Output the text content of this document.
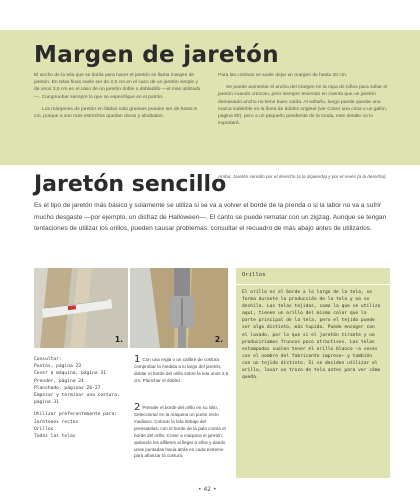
Margen de jaretón

El ancho de la tela que se dobla para hacer el jaretón se llama margen de jaretón. En telas finas suele ser de 2,5 cm en el caso de un jaretón simple y de unos 3,5 cm en el caso de un jaretón doble o dobladillo —el más utilizado—. Compruebar siempre lo que se especifique en el patrón.

Los márgenes de jaretón en faldas más gruesas pueden ser de hasta 8 cm, porque a son más estrechos quedan duros y abultados.

Para las cortinas se suele dejar un margen de hasta 20 cm.

Se puede aumentar el ancho del margen en la ropa de niños para soltar el jaretón cuando crezcan, pero siempre teniendo en cuenta que un jaretón demasiado ancho no tiene buen caída. Al soltarlo, luego puede quedar una marca indeleble en la línea de doblez original (ver Coser una cinta o un galón, página 90), pero a un pequeño pendiente de la moda, este detalle no lo importará.

Jaretón sencillo
Arriba: Jaretón sencillo por el derecho (a la izquierda) y por el revés (a la derecha).
Es el tipo de jaretón más básico y solamente se utiliza si se va a volver el borde de la prenda o si la labor no va a sufrir mucho desgaste —por ejemplo, un disfraz de Halloween—. El canto se puede rematar con un zigzag. Aunque se tengan tentaciones de utilizar los orillos, pueden causar problemas: consultar el recuadro de más abajo antes de utilizarlos.
1.	2.
Orillos
El orillo es el borde a lo largo de la tela, se forma durante la producción de la tela y no se deshila. Las telas tejidas, como la que se utiliza aquí, tienen un orillo del mismo color que la parte principal de la tela, pero el tejido puede ser algo distinto, más tupido. Puede encoger con el lavado, por lo que si el jaretón tirante y no produciríamos fruncos poco atractivos. Las telas estampadas suelen tener el orillo blanco —a veces con el nombre del fabricante impreso— y también con un tejido distinto. Si se deciden utilizar el orillo, lavar un trozo de tela antes para ver cómo queda.
Consultar:
Puntos, página 23
Coser a máquina, página 31
Prender, página 24
Planchado, páginas 26-27
Empezar y terminar una costura, página 31
Utilizar preferentemente para:
Jaretones rectos
Orillos
Todas las telas
1 Con una regla o un calibre de costura comprobar la medida a lo largo del jaretón, doblar el borde del orillo sobre la tela unos 2,5 cm. Planchar el doblez.
2 Prender el borde del orillo en su sitio. Seleccionar en la máquina un punto recto mediano. Colocar la tela debajo del prensatelas, con el borde de la pala contra el borde del orillo. Coser a máquina el jaretón, quitando los alfileres al llegar a ellos y dando unas puntadas hacia atrás en cada extremo para afianzar la costura.
• 42 •
